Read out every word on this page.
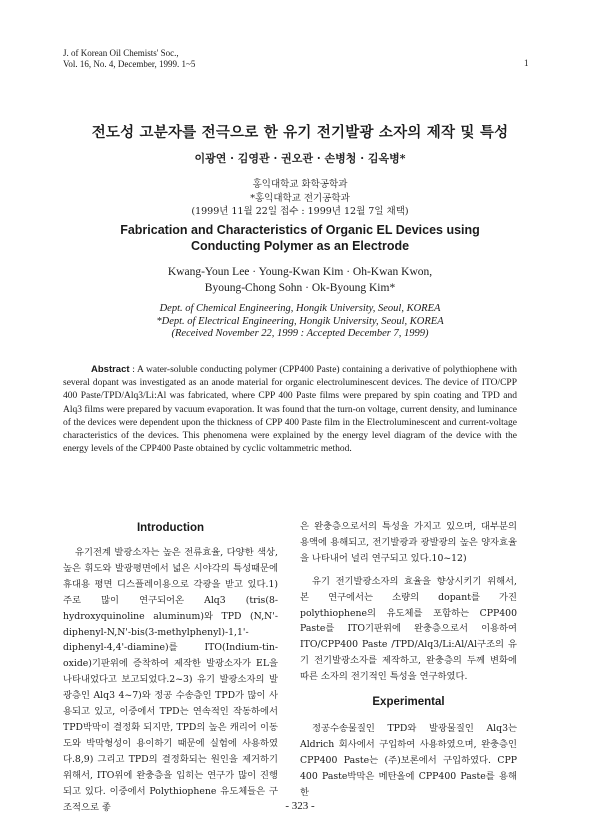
J. of Korean Oil Chemists' Soc.,
Vol. 16, No. 4, December, 1999. 1~5	1
전도성 고분자를 전극으로 한 유기 전기발광 소자의 제작 및 특성
이광연 · 김영관 · 권오관 · 손병청 · 김옥병*
홍익대학교 화학공학과
*홍익대학교 전기공학과
(1999년 11월 22일 접수 : 1999년 12월 7일 채택)
Fabrication and Characteristics of Organic EL Devices using
Conducting Polymer as an Electrode
Kwang-Youn Lee · Young-Kwan Kim · Oh-Kwan Kwon,
Byoung-Chong Sohn · Ok-Byoung Kim*
Dept. of Chemical Engineering, Hongik University, Seoul, KOREA
*Dept. of Electrical Engineering, Hongik University, Seoul, KOREA
(Received November 22, 1999 : Accepted December 7, 1999)
Abstract : A water-soluble conducting polymer (CPP400 Paste) containing a derivative of polythiophene with several dopant was investigated as an anode material for organic electroluminescent devices. The device of ITO/CPP 400 Paste/TPD/Alq3/Li:Al was fabricated, where CPP 400 Paste films were prepared by spin coating and TPD and Alq3 films were prepared by vacuum evaporation. It was found that the turn-on voltage, current density, and luminance of the devices were dependent upon the thickness of CPP 400 Paste film in the Electroluminescent and current-voltage characteristics of the devices. This phenomena were explained by the energy level diagram of the device with the energy levels of the CPP400 Paste obtained by cyclic voltammetric method.
Introduction

유기전계 발광소자는 높은 전류효율, 다양한 색상, 높은 휘도와 발광평면에서 넓은 시야각의 특성때문에 휴대용 평면 디스플레이용으로 각광을 받고 있다.1) 주로 많이 연구되어온 Alq3 (tris(8-hydroxyquinoline aluminum)와 TPD (N,N'-diphenyl-N,N'-bis(3-methylphenyl)-1,1'-diphenyl-4,4'-diamine)를 ITO(Indium-tin-oxide)기판위에 증착하여 제작한 발광소자가 EL을 나타내었다고 보고되었다.2~3) 유기 발광소자의 발광층인 Alq3 4~7)와 정공 수송층인 TPD가 많이 사용되고 있고, 이중에서 TPD는 연속적인 작동하에서 TPD박막이 결정화 되지만, TPD의 높은 캐리어 이동도와 박막형성이 용이하기 때문에 실험에 사용하였다.8,9) 그리고 TPD의 결정화되는 원인을 제거하기 위해서, ITO위에 완충층을 입히는 연구가 많이 진행되고 있다. 이중에서 Polythiophene 유도체들은 구조적으로 좋

은 완충층으로서의 특성을 가지고 있으며, 대부분의 용액에 용해되고, 전기발광과 광발광의 높은 양자효율을 나타내어 널리 연구되고 있다.10~12)

유기 전기발광소자의 효율을 향상시키기 위해서, 본 연구에서는 소량의 dopant를 가진 polythiophene의 유도체를 포함하는 CPP400 Paste를 ITO기판위에 완충층으로서 이용하여 ITO/CPP400 Paste /TPD/Alq3/Li:Al/Al구조의 유기 전기발광소자를 제작하고, 완충층의 두께 변화에 따른 소자의 전기적인 특성을 연구하였다.

Experimental

정공수송물질인 TPD와 발광물질인 Alq3는 Aldrich 회사에서 구입하여 사용하였으며, 완충층인 CPP400 Paste는 (주)보론에서 구입하였다. CPP 400 Paste박막은 메탄올에 CPP400 Paste를 용해한

- 323 -
